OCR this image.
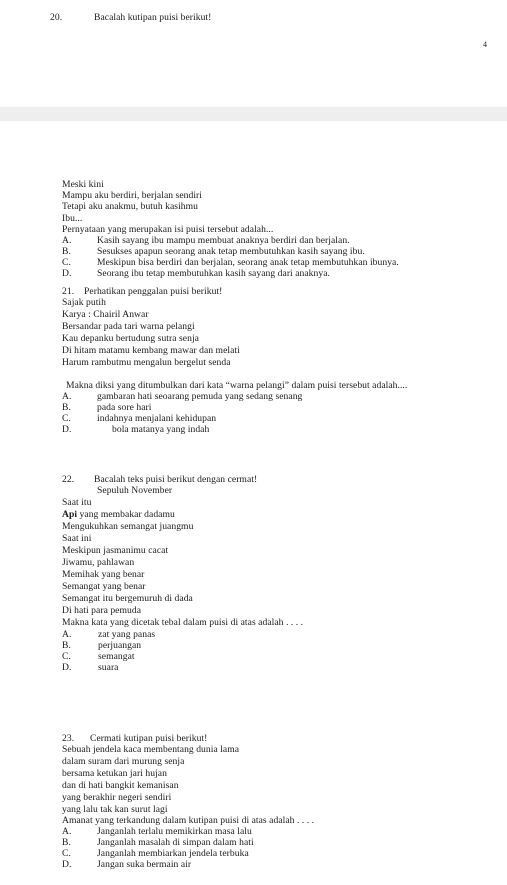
20.	Bacalah kutipan puisi berikut!
4
Meski kini
Mampu aku berdiri, berjalan sendiri
Tetapi aku anakmu, butuh kasihmu
Ibu...
Pernyataan yang merupakan isi puisi tersebut adalah...
A.	Kasih sayang ibu mampu membuat anaknya berdiri dan berjalan.
B.	Sesukses apapun seorang anak tetap membutuhkan kasih sayang ibu.
C.	Meskipun bisa berdiri dan berjalan, seorang anak tetap membutuhkan ibunya.
D.	Seorang ibu tetap membutuhkan kasih sayang dari anaknya.
21. Perhatikan penggalan puisi berikut!
Sajak putih
Karya : Chairil Anwar
Bersandar pada tari warna pelangi
Kau depanku bertudung sutra senja
Di hitam matamu kembang mawar dan melati
Harum rambutmu mengalun bergelut senda
Makna diksi yang ditumbulkan dari kata “warna pelangi” dalam puisi tersebut adalah....
A.	gambaran hati seoarang pemuda yang sedang senang
B.	pada sore hari
C.	indahnya menjalani kehidupan
D.	bola matanya yang indah
22. Bacalah teks puisi berikut dengan cermat!
Sepuluh November
Saat itu
Api yang membakar dadamu
Mengukuhkan semangat juangmu
Saat ini
Meskipun jasmanimu cacat
Jiwamu, pahlawan
Memihak yang benar
Semangat yang benar
Semangat itu bergemuruh di dada
Di hati para pemuda
Makna kata yang dicetak tebal dalam puisi di atas adalah . . . .
A.	zat yang panas
B.	perjuangan
C.	semangat
D.	suara
23. Cermati kutipan puisi berikut!
Sebuah jendela kaca membentang dunia lama
dalam suram dari murung senja
bersama ketukan jari hujan
dan di hati bangkit kemanisan
yang berakhir negeri sendiri
yang lalu tak kan surut lagi
Amanat yang terkandung dalam kutipan puisi di atas adalah . . . .
A.	Janganlah terlalu memikirkan masa lalu
B.	Janganlah masalah di simpan dalam hati
C.	Janganlah membiarkan jendela terbuka
D.	Jangan suka bermain air
